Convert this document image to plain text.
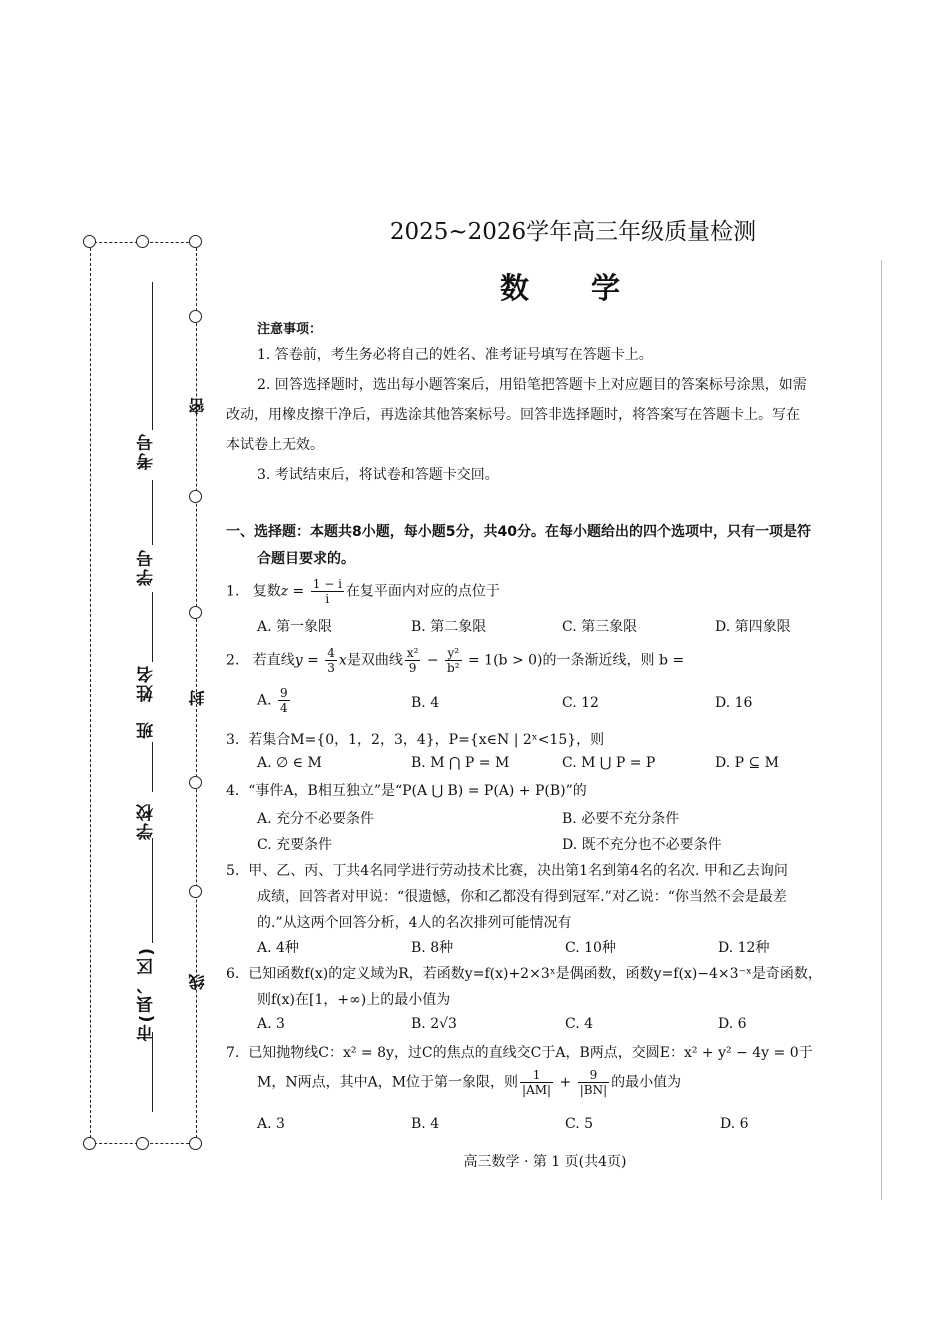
考号
学号
姓名
班
学校
市(县、区)
密
封
线
2025~2026学年高三年级质量检测
数 学
注意事项：
1. 答卷前，考生务必将自己的姓名、准考证号填写在答题卡上。
2. 回答选择题时，选出每小题答案后，用铅笔把答题卡上对应题目的答案标号涂黑，如需
改动，用橡皮擦干净后，再选涂其他答案标号。回答非选择题时，将答案写在答题卡上。写在
本试卷上无效。
3. 考试结束后，将试卷和答题卡交回。
一、选择题：本题共8小题，每小题5分，共40分。在每小题给出的四个选项中，只有一项是符
合题目要求的。
1. 复数$z = \frac{1 - i}{i}$ 在复平面内对应的点位于
A. 第一象限	B. 第二象限	C. 第三象限	D. 第四象限
2. 若直线$y = \frac{4}{3}$ x是双曲线 $\frac{\text{x²}}{9} - \frac{\text{y²}}{\text{b²}} = 1(b > 0)$的一条渐近线，则 b =
A. $\frac{9}{4}$	B. 4	C. 12	D. 16
3. 若集合M={0，1，2，3，4}，P={x∈N | 2ˣ<15}，则
A. ∅ ∈ M	B. M ⋂ P = M	C. M ⋃ P = P	D. P ⊆ M
4. “事件A，B相互独立”是“P(A ⋃ B) = P(A) + P(B)”的
A. 充分不必要条件	B. 必要不充分条件
C. 充要条件	D. 既不充分也不必要条件
5. 甲、乙、丙、丁共4名同学进行劳动技术比赛，决出第1名到第4名的名次. 甲和乙去询问
成绩，回答者对甲说：“很遗憾，你和乙都没有得到冠军.”对乙说：“你当然不会是最差
的.”从这两个回答分析，4人的名次排列可能情况有
A. 4种	B. 8种	C. 10种	D. 12种
6. 已知函数f(x)的定义域为R，若函数y=f(x)+2×3ˣ是偶函数，函数y=f(x)−4×3⁻ˣ是奇函数，
则f(x)在[1，+∞)上的最小值为
A. 3	B. 2√3	C. 4	D. 6
7. 已知抛物线C：x² = 8y，过C的焦点的直线交C于A，B两点，交圆E：x² + y² − 4y = 0于
M，N两点，其中A，M位于第一象限，则 $\frac{1}{|AM|} + \frac{9}{|BN|}$ 的最小值为
A. 3	B. 4	C. 5	D. 6
高三数学 · 第 1 页(共4页)
